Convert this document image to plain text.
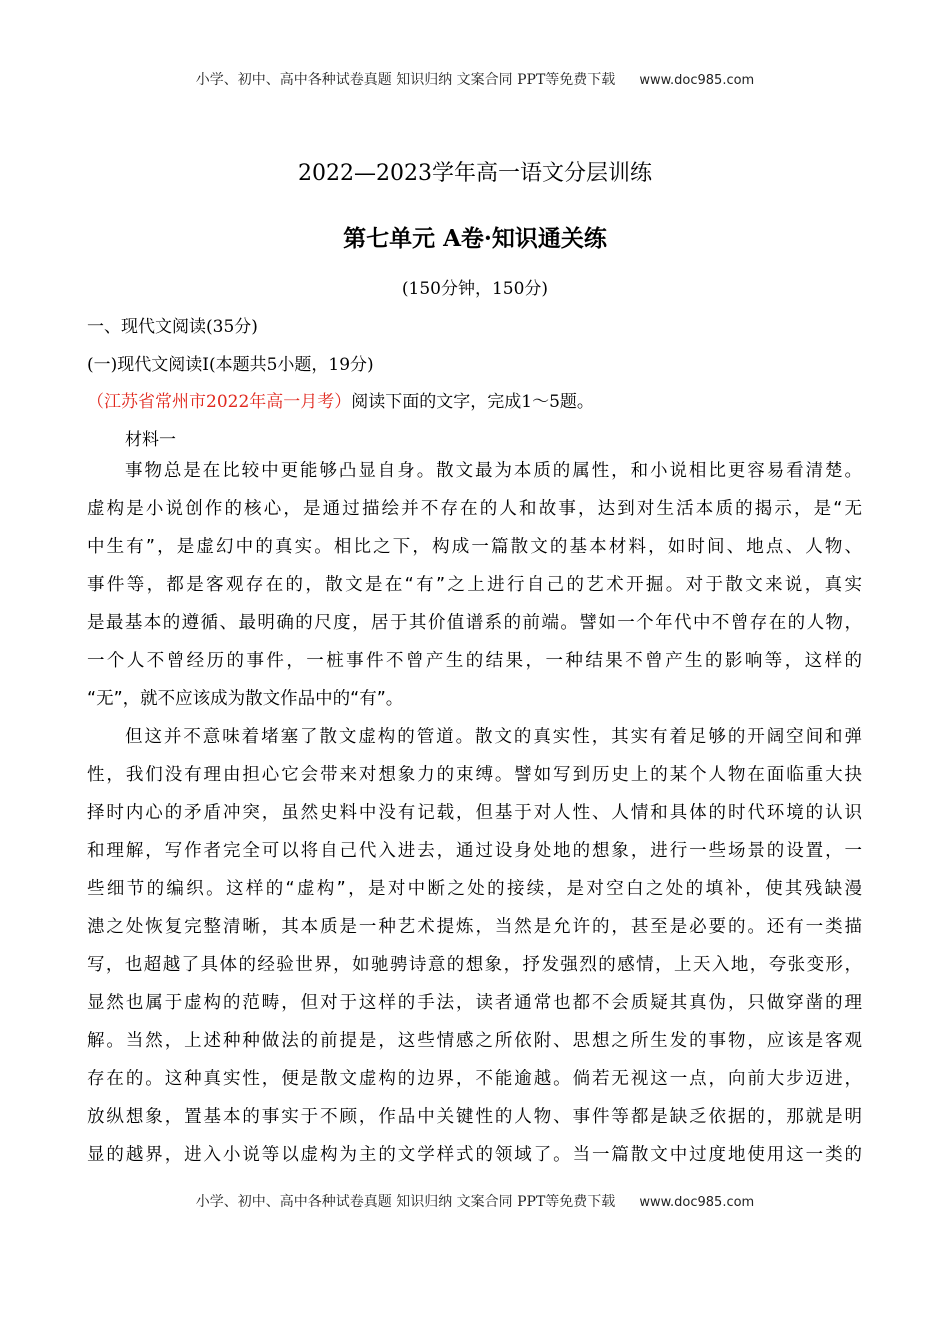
小学、初中、高中各种试卷真题 知识归纳 文案合同 PPT等免费下载 www.doc985.com
2022—2023学年高一语文分层训练
第七单元 A卷·知识通关练
(150分钟，150分)
一、现代文阅读(35分)
(一)现代文阅读Ⅰ(本题共5小题，19分)
（江苏省常州市2022年高一月考）阅读下面的文字，完成1～5题。
材料一
事物总是在比较中更能够凸显自身。散文最为本质的属性，和小说相比更容易看清楚。
虚构是小说创作的核心，是通过描绘并不存在的人和故事，达到对生活本质的揭示，是“无
中生有”，是虚幻中的真实。相比之下，构成一篇散文的基本材料，如时间、地点、人物、
事件等，都是客观存在的，散文是在“有”之上进行自己的艺术开掘。对于散文来说，真实
是最基本的遵循、最明确的尺度，居于其价值谱系的前端。譬如一个年代中不曾存在的人物，
一个人不曾经历的事件，一桩事件不曾产生的结果，一种结果不曾产生的影响等，这样的
“无”，就不应该成为散文作品中的“有”。
但这并不意味着堵塞了散文虚构的管道。散文的真实性，其实有着足够的开阔空间和弹
性，我们没有理由担心它会带来对想象力的束缚。譬如写到历史上的某个人物在面临重大抉
择时内心的矛盾冲突，虽然史料中没有记载，但基于对人性、人情和具体的时代环境的认识
和理解，写作者完全可以将自己代入进去，通过设身处地的想象，进行一些场景的设置，一
些细节的编织。这样的“虚构”，是对中断之处的接续，是对空白之处的填补，使其残缺漫
漶之处恢复完整清晰，其本质是一种艺术提炼，当然是允许的，甚至是必要的。还有一类描
写，也超越了具体的经验世界，如驰骋诗意的想象，抒发强烈的感情，上天入地，夸张变形，
显然也属于虚构的范畴，但对于这样的手法，读者通常也都不会质疑其真伪，只做穿凿的理
解。当然，上述种种做法的前提是，这些情感之所依附、思想之所生发的事物，应该是客观
存在的。这种真实性，便是散文虚构的边界，不能逾越。倘若无视这一点，向前大步迈进，
放纵想象，置基本的事实于不顾，作品中关键性的人物、事件等都是缺乏依据的，那就是明
显的越界，进入小说等以虚构为主的文学样式的领域了。当一篇散文中过度地使用这一类的
小学、初中、高中各种试卷真题 知识归纳 文案合同 PPT等免费下载 www.doc985.com
